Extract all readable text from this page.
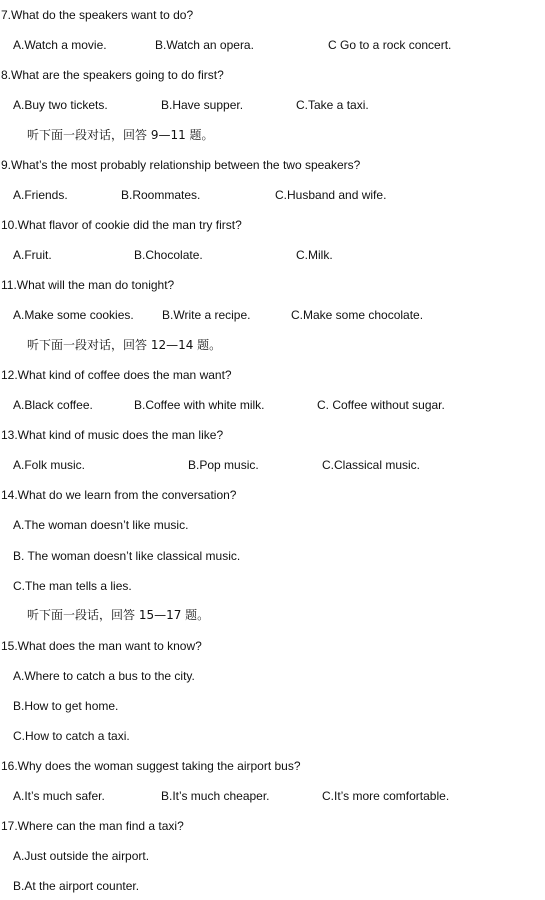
7.What do the speakers want to do?
A.Watch a movie.	B.Watch an opera.	C Go to a rock concert.
8.What are the speakers going to do first?
A.Buy two tickets.	B.Have supper.	C.Take a taxi.
听下面一段对话，回答 9—11 题。
9.What’s the most probably relationship between the two speakers?
A.Friends.	B.Roommates.	C.Husband and wife.
10.What flavor of cookie did the man try first?
A.Fruit.	B.Chocolate.	C.Milk.
11.What will the man do tonight?
A.Make some cookies. B.Write a recipe.	C.Make some chocolate.
听下面一段对话，回答 12—14 题。
12.What kind of coffee does the man want?
A.Black coffee.	B.Coffee with white milk.	C. Coffee without sugar.
13.What kind of music does the man like?
A.Folk music.	B.Pop music.	C.Classical music.
14.What do we learn from the conversation?
A.The woman doesn’t like music.
B. The woman doesn’t like classical music.
C.The man tells a lies.
听下面一段话，回答 15—17 题。
15.What does the man want to know?
A.Where to catch a bus to the city.
B.How to get home.
C.How to catch a taxi.
16.Why does the woman suggest taking the airport bus?
A.It’s much safer.	B.It’s much cheaper.	C.It’s more comfortable.
17.Where can the man find a taxi?
A.Just outside the airport.
B.At the airport counter.
